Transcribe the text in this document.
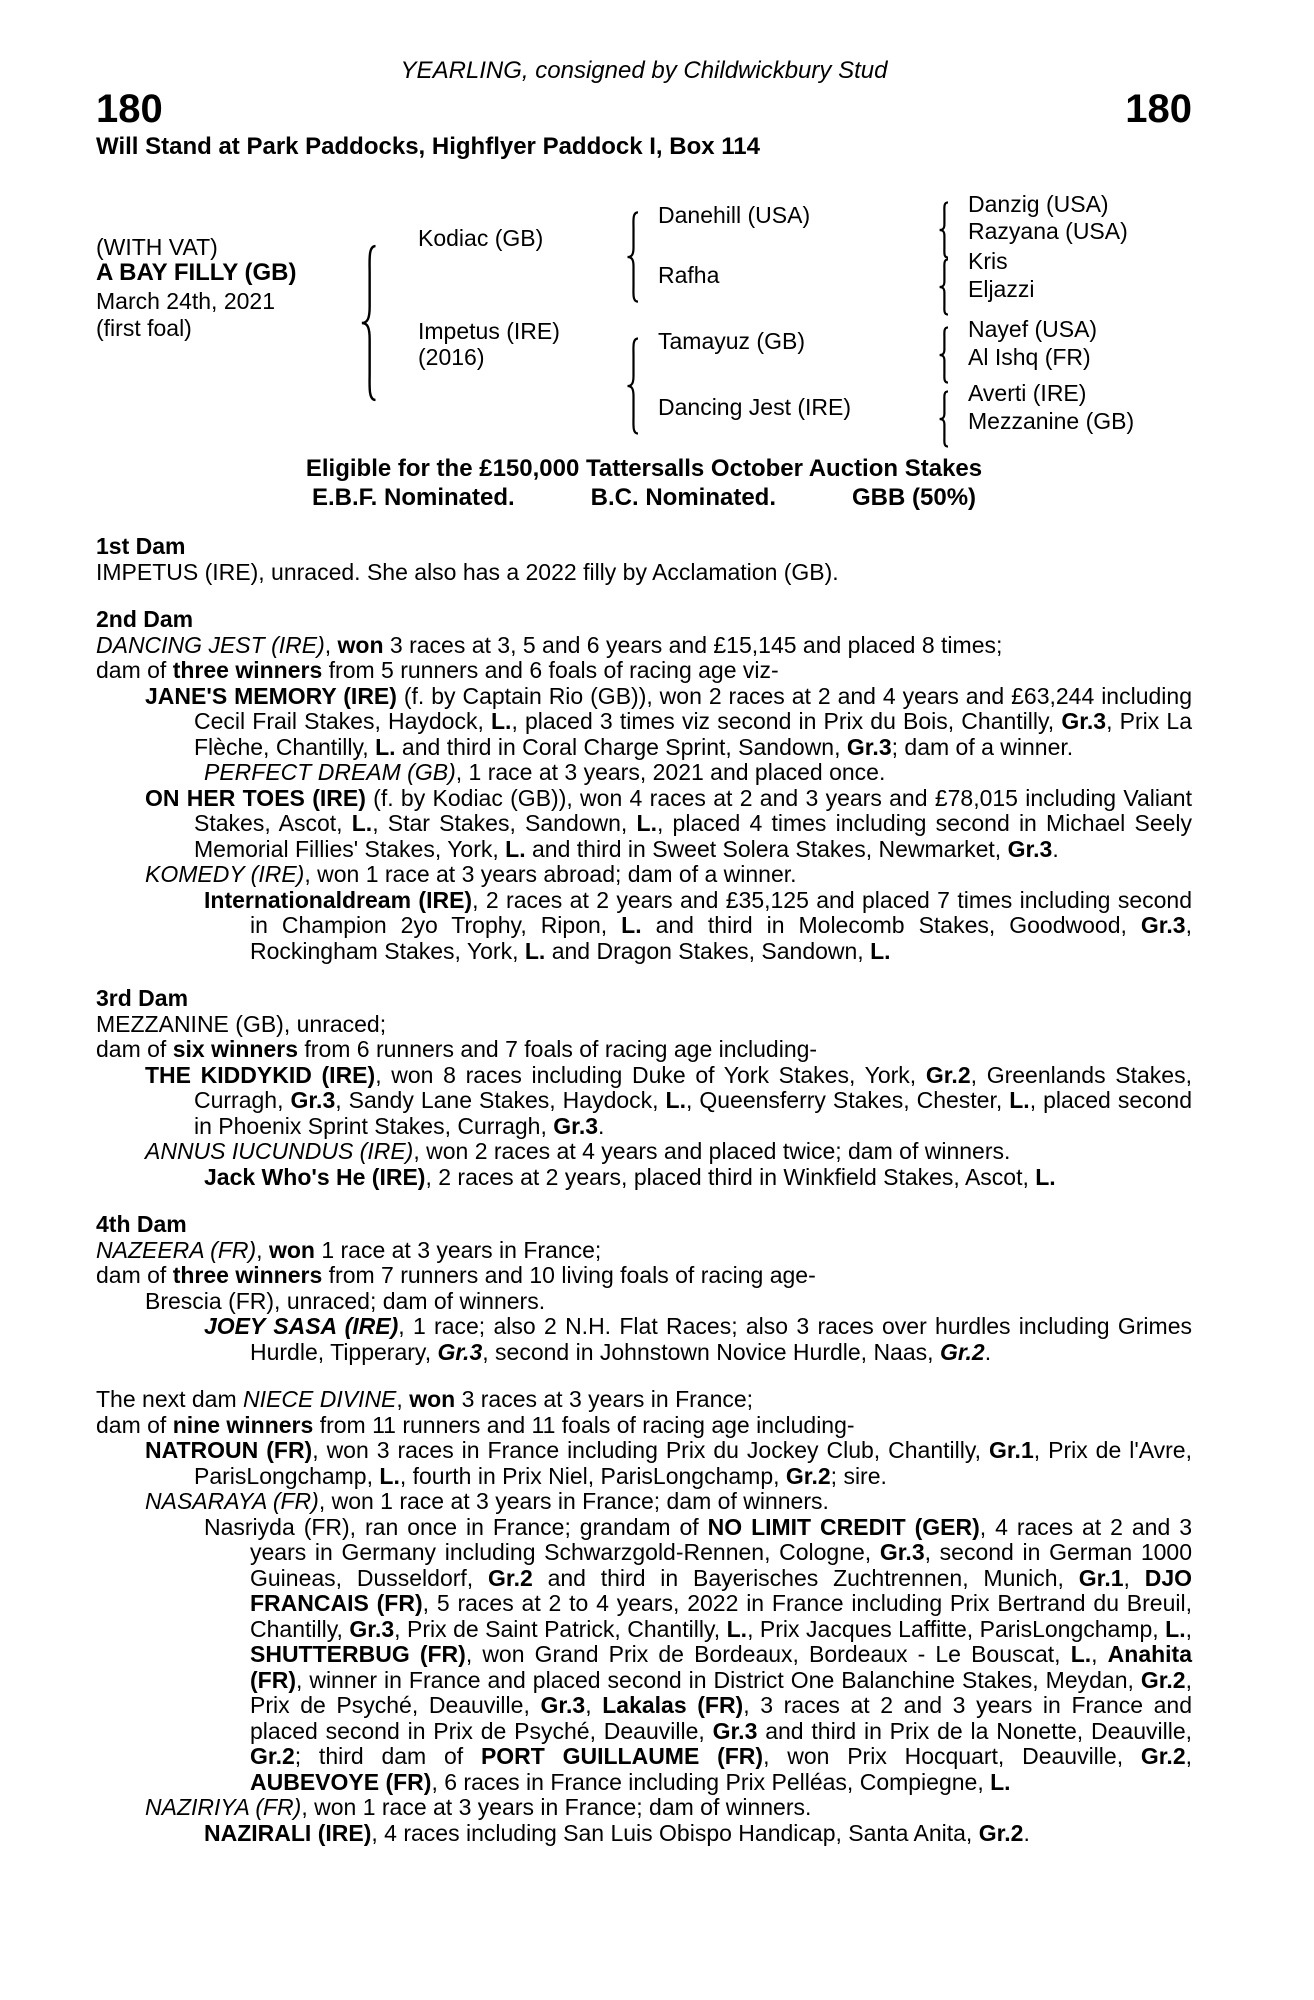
YEARLING, consigned by Childwickbury Stud
180	180
Will Stand at Park Paddocks, Highflyer Paddock I, Box 114
(WITH VAT)
A BAY FILLY (GB)
March 24th, 2021
(first foal)
Kodiac (GB)
Impetus (IRE)
(2016)
Danehill (USA)
Rafha
Tamayuz (GB)
Dancing Jest (IRE)
Danzig (USA)
Razyana (USA)
Kris
Eljazzi
Nayef (USA)
Al Ishq (FR)
Averti (IRE)
Mezzanine (GB)
Eligible for the £150,000 Tattersalls October Auction Stakes
E.B.F. Nominated.	B.C. Nominated.	GBB (50%)
1st Dam

IMPETUS (IRE), unraced. She also has a 2022 filly by Acclamation (GB).

2nd Dam

DANCING JEST (IRE), won 3 races at 3, 5 and 6 years and £15,145 and placed 8 times;

dam of three winners from 5 runners and 6 foals of racing age viz-

JANE'S MEMORY (IRE) (f. by Captain Rio (GB)), won 2 races at 2 and 4 years and £63,244 including Cecil Frail Stakes, Haydock, L., placed 3 times viz second in Prix du Bois, Chantilly, Gr.3, Prix La Flèche, Chantilly, L. and third in Coral Charge Sprint, Sandown, Gr.3; dam of a winner.

PERFECT DREAM (GB), 1 race at 3 years, 2021 and placed once.

ON HER TOES (IRE) (f. by Kodiac (GB)), won 4 races at 2 and 3 years and £78,015 including Valiant Stakes, Ascot, L., Star Stakes, Sandown, L., placed 4 times including second in Michael Seely Memorial Fillies' Stakes, York, L. and third in Sweet Solera Stakes, Newmarket, Gr.3.

KOMEDY (IRE), won 1 race at 3 years abroad; dam of a winner.

Internationaldream (IRE), 2 races at 2 years and £35,125 and placed 7 times including second in Champion 2yo Trophy, Ripon, L. and third in Molecomb Stakes, Goodwood, Gr.3, Rockingham Stakes, York, L. and Dragon Stakes, Sandown, L.

3rd Dam

MEZZANINE (GB), unraced;

dam of six winners from 6 runners and 7 foals of racing age including-

THE KIDDYKID (IRE), won 8 races including Duke of York Stakes, York, Gr.2, Greenlands Stakes, Curragh, Gr.3, Sandy Lane Stakes, Haydock, L., Queensferry Stakes, Chester, L., placed second in Phoenix Sprint Stakes, Curragh, Gr.3.

ANNUS IUCUNDUS (IRE), won 2 races at 4 years and placed twice; dam of winners.

Jack Who's He (IRE), 2 races at 2 years, placed third in Winkfield Stakes, Ascot, L.

4th Dam

NAZEERA (FR), won 1 race at 3 years in France;

dam of three winners from 7 runners and 10 living foals of racing age-

Brescia (FR), unraced; dam of winners.

JOEY SASA (IRE), 1 race; also 2 N.H. Flat Races; also 3 races over hurdles including Grimes Hurdle, Tipperary, Gr.3, second in Johnstown Novice Hurdle, Naas, Gr.2.

The next dam NIECE DIVINE, won 3 races at 3 years in France;

dam of nine winners from 11 runners and 11 foals of racing age including-

NATROUN (FR), won 3 races in France including Prix du Jockey Club, Chantilly, Gr.1, Prix de l'Avre, ParisLongchamp, L., fourth in Prix Niel, ParisLongchamp, Gr.2; sire.

NASARAYA (FR), won 1 race at 3 years in France; dam of winners.

Nasriyda (FR), ran once in France; grandam of NO LIMIT CREDIT (GER), 4 races at 2 and 3 years in Germany including Schwarzgold-Rennen, Cologne, Gr.3, second in German 1000 Guineas, Dusseldorf, Gr.2 and third in Bayerisches Zuchtrennen, Munich, Gr.1, DJO FRANCAIS (FR), 5 races at 2 to 4 years, 2022 in France including Prix Bertrand du Breuil, Chantilly, Gr.3, Prix de Saint Patrick, Chantilly, L., Prix Jacques Laffitte, ParisLongchamp, L., SHUTTERBUG (FR), won Grand Prix de Bordeaux, Bordeaux - Le Bouscat, L., Anahita (FR), winner in France and placed second in District One Balanchine Stakes, Meydan, Gr.2, Prix de Psyché, Deauville, Gr.3, Lakalas (FR), 3 races at 2 and 3 years in France and placed second in Prix de Psyché, Deauville, Gr.3 and third in Prix de la Nonette, Deauville, Gr.2; third dam of PORT GUILLAUME (FR), won Prix Hocquart, Deauville, Gr.2, AUBEVOYE (FR), 6 races in France including Prix Pelléas, Compiegne, L.

NAZIRIYA (FR), won 1 race at 3 years in France; dam of winners.

NAZIRALI (IRE), 4 races including San Luis Obispo Handicap, Santa Anita, Gr.2.
